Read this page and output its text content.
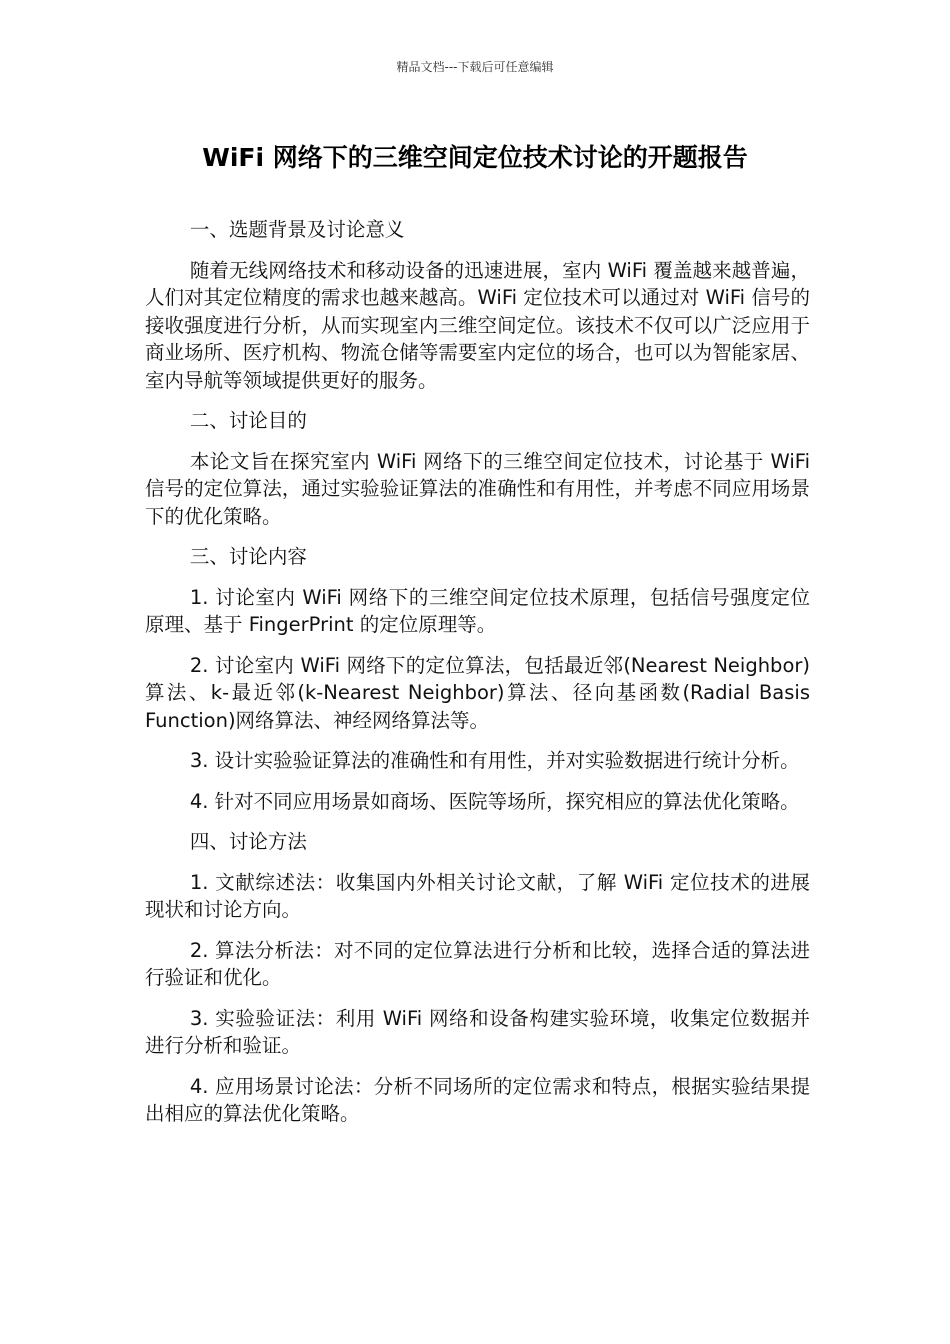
精品文档---下载后可任意编辑
WiFi 网络下的三维空间定位技术讨论的开题报告

一、选题背景及讨论意义

随着无线网络技术和移动设备的迅速进展，室内 WiFi 覆盖越来越普遍，人们对其定位精度的需求也越来越高。WiFi 定位技术可以通过对 WiFi 信号的接收强度进行分析，从而实现室内三维空间定位。该技术不仅可以广泛应用于商业场所、医疗机构、物流仓储等需要室内定位的场合，也可以为智能家居、室内导航等领域提供更好的服务。

二、讨论目的

本论文旨在探究室内 WiFi 网络下的三维空间定位技术，讨论基于 WiFi 信号的定位算法，通过实验验证算法的准确性和有用性，并考虑不同应用场景下的优化策略。

三、讨论内容

1. 讨论室内 WiFi 网络下的三维空间定位技术原理，包括信号强度定位原理、基于 FingerPrint 的定位原理等。

2. 讨论室内 WiFi 网络下的定位算法，包括最近邻(Nearest Neighbor)算法、k-最近邻(k-Nearest Neighbor)算法、径向基函数(Radial Basis Function)网络算法、神经网络算法等。

3. 设计实验验证算法的准确性和有用性，并对实验数据进行统计分析。

4. 针对不同应用场景如商场、医院等场所，探究相应的算法优化策略。

四、讨论方法

1. 文献综述法：收集国内外相关讨论文献，了解 WiFi 定位技术的进展现状和讨论方向。

2. 算法分析法：对不同的定位算法进行分析和比较，选择合适的算法进行验证和优化。

3. 实验验证法：利用 WiFi 网络和设备构建实验环境，收集定位数据并进行分析和验证。

4. 应用场景讨论法：分析不同场所的定位需求和特点，根据实验结果提出相应的算法优化策略。
